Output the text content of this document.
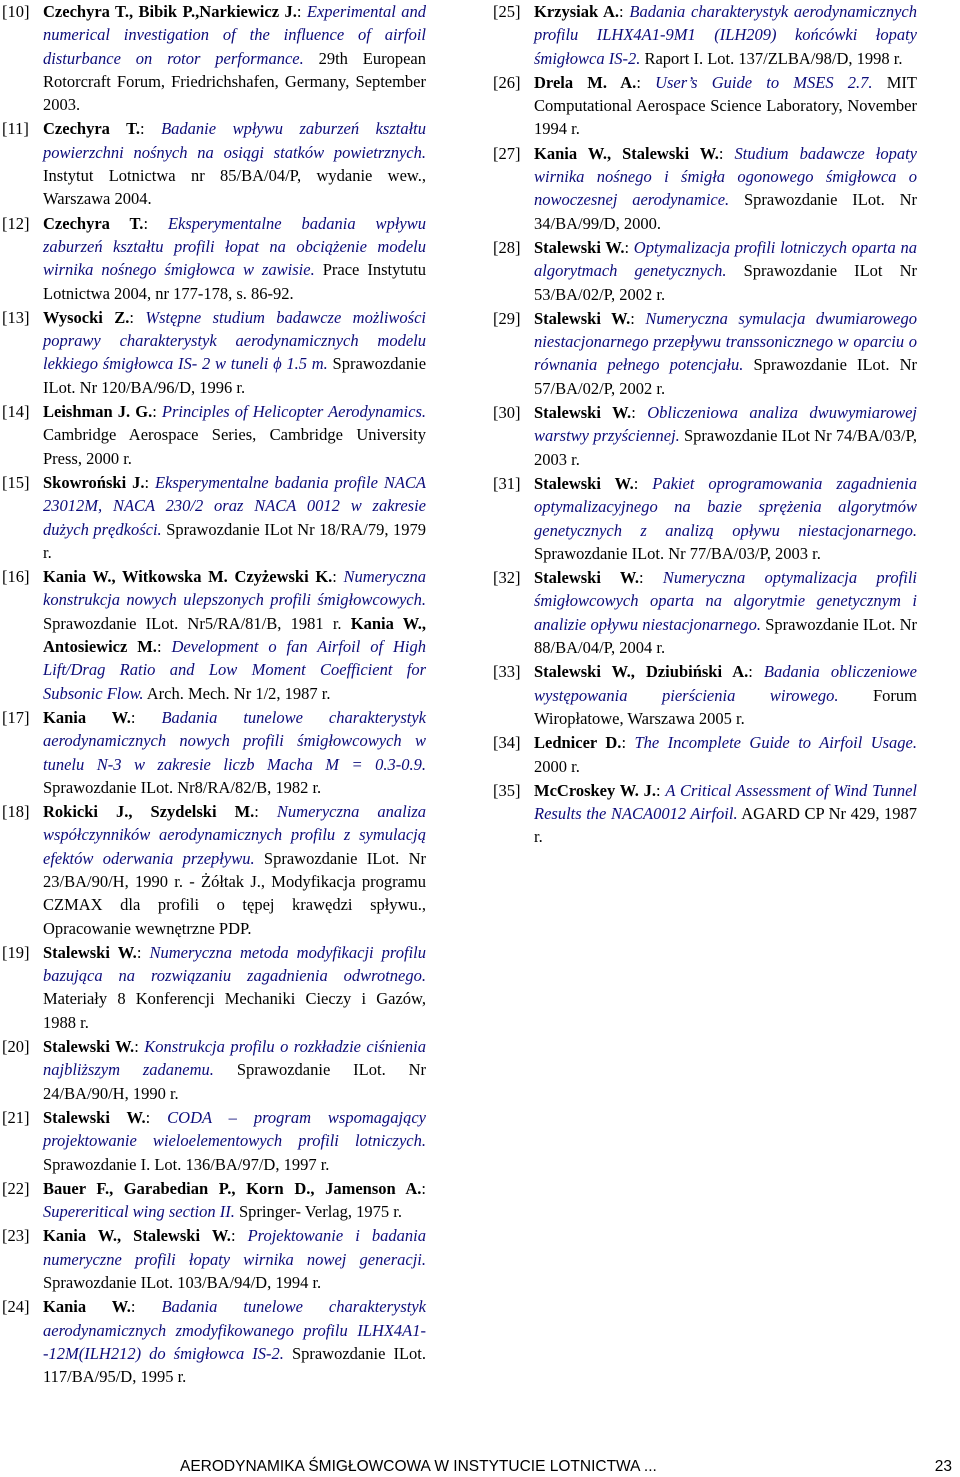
[10] Czechyra T., Bibik P.,Narkiewicz J.: Experimental and numerical investigation of the influence of airfoil disturbance on rotor performance. 29th European Rotorcraft Forum, Friedrichshafen, Germany, September 2003.
[11] Czechyra T.: Badanie wpływu zaburzeń kształtu powierzchni nośnych na osiągi statków powietrznych. Instytut Lotnictwa nr 85/BA/04/P, wydanie wew., Warszawa 2004.
[12] Czechyra T.: Eksperymentalne badania wpływu zaburzeń kształtu profili łopat na obciążenie modelu wirnika nośnego śmigłowca w zawisie. Prace Instytutu Lotnictwa 2004, nr 177-178, s. 86-92.
[13] Wysocki Z.: Wstępne studium badawcze możliwości poprawy charakterystyk aerodynamicznych modelu lekkiego śmigłowca IS- 2 w tuneli ϕ 1.5 m. Sprawozdanie ILot. Nr 120/BA/96/D, 1996 r.
[14] Leishman J. G.: Principles of Helicopter Aerodynamics. Cambridge Aerospace Series, Cambridge University Press, 2000 r.
[15] Skowroński J.: Eksperymentalne badania profile NACA 23012M, NACA 230/2 oraz NACA 0012 w zakresie dużych prędkości. Sprawozdanie ILot Nr 18/RA/79, 1979 r.
[16] Kania W., Witkowska M. Czyżewski K.: Numeryczna konstrukcja nowych ulepszonych profili śmigłowcowych. Sprawozdanie ILot. Nr5/RA/81/B, 1981 r. Kania W., Antosiewicz M.: Development o fan Airfoil of High Lift/Drag Ratio and Low Moment Coefficient for Subsonic Flow. Arch. Mech. Nr 1/2, 1987 r.
[17] Kania W.: Badania tunelowe charakterystyk aerodynamicznych nowych profili śmigłowcowych w tunelu N-3 w zakresie liczb Macha M = 0.3-0.9. Sprawozdanie ILot. Nr8/RA/82/B, 1982 r.
[18] Rokicki J., Szydelski M.: Numeryczna analiza współczynników aerodynamicznych profilu z symulacją efektów oderwania przepływu. Sprawozdanie ILot. Nr 23/BA/90/H, 1990 r. - Żółtak J., Modyfikacja programu CZMAX dla profili o tępej krawędzi spływu., Opracowanie wewnętrzne PDP.
[19] Stalewski W.: Numeryczna metoda modyfikacji profilu bazująca na rozwiązaniu zagadnienia odwrotnego. Materiały 8 Konferencji Mechaniki Cieczy i Gazów, 1988 r.
[20] Stalewski W.: Konstrukcja profilu o rozkładzie ciśnienia najbliższym zadanemu. Sprawozdanie ILot. Nr 24/BA/90/H, 1990 r.
[21] Stalewski W.: CODA – program wspomagający projektowanie wieloelementowych profili lotniczych. Sprawozdanie I. Lot. 136/BA/97/D, 1997 r.
[22] Bauer F., Garabedian P., Korn D., Jamenson A.: Supereritical wing section II. Springer- Verlag, 1975 r.
[23] Kania W., Stalewski W.: Projektowanie i badania numeryczne profili łopaty wirnika nowej generacji. Sprawozdanie ILot. 103/BA/94/D, 1994 r.
[24] Kania W.: Badania tunelowe charakterystyk aerodynamicznych zmodyfikowanego profilu ILHX4A1--12M(ILH212) do śmigłowca IS-2. Sprawozdanie ILot. 117/BA/95/D, 1995 r.
[25] Krzysiak A.: Badania charakterystyk aerodynamicznych profilu ILHX4A1-9M1 (ILH209) końcówki łopaty śmigłowca IS-2. Raport I. Lot. 137/ZLBA/98/D, 1998 r.
[26] Drela M. A.: User’s Guide to MSES 2.7. MIT Computational Aerospace Science Laboratory, November 1994 r.
[27] Kania W., Stalewski W.: Studium badawcze łopaty wirnika nośnego i śmigła ogonowego śmigłowca o nowoczesnej aerodynamice. Sprawozdanie ILot. Nr 34/BA/99/D, 2000.
[28] Stalewski W.: Optymalizacja profili lotniczych oparta na algorytmach genetycznych. Sprawozdanie ILot Nr 53/BA/02/P, 2002 r.
[29] Stalewski W.: Numeryczna symulacja dwumiarowego niestacjonarnego przepływu transsonicznego w oparciu o równania pełnego potencjału. Sprawozdanie ILot. Nr 57/BA/02/P, 2002 r.
[30] Stalewski W.: Obliczeniowa analiza dwuwymiarowej warstwy przyściennej. Sprawozdanie ILot Nr 74/BA/03/P, 2003 r.
[31] Stalewski W.: Pakiet oprogramowania zagadnienia optymalizacyjnego na bazie sprężenia algorytmów genetycznych z analizą opływu niestacjonarnego. Sprawozdanie ILot. Nr 77/BA/03/P, 2003 r.
[32] Stalewski W.: Numeryczna optymalizacja profili śmigłowcowych oparta na algorytmie genetycznym i analizie opływu niestacjonarnego. Sprawozdanie ILot. Nr 88/BA/04/P, 2004 r.
[33] Stalewski W., Dziubiński A.: Badania obliczeniowe występowania pierścienia wirowego. Forum Wiropłatowe, Warszawa 2005 r.
[34] Lednicer D.: The Incomplete Guide to Airfoil Usage. 2000 r.
[35] McCroskey W. J.: A Critical Assessment of Wind Tunnel Results the NACA0012 Airfoil. AGARD CP Nr 429, 1987 r.
AERODYNAMIKA ŚMIGŁOWCOWA W INSTYTUCIE LOTNICTWA ...	23
